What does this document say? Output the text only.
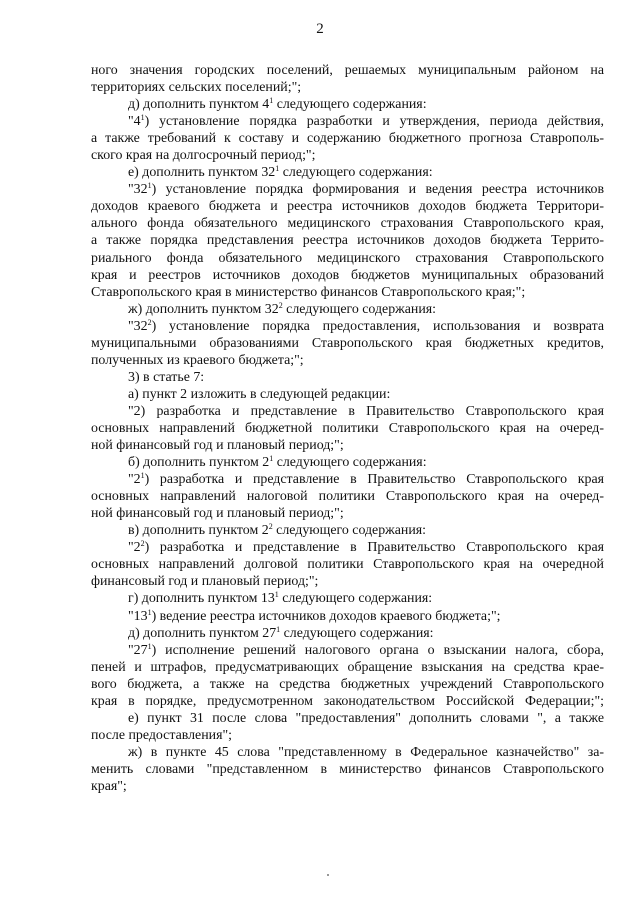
2
ного значения городских поселений, решаемых муниципальным районом на
территориях сельских поселений;";
д) дополнить пунктом $4^1$ следующего содержания:
"$4^1$) установление порядка разработки и утверждения, периода действия,
а также требований к составу и содержанию бюджетного прогноза Ставрополь-
ского края на долгосрочный период;";
е) дополнить пунктом $32^1$ следующего содержания:
"$32^1$) установление порядка формирования и ведения реестра источников
доходов краевого бюджета и реестра источников доходов бюджета Территори-
ального фонда обязательного медицинского страхования Ставропольского края,
а также порядка представления реестра источников доходов бюджета Террито-
риального фонда обязательного медицинского страхования Ставропольского
края и реестров источников доходов бюджетов муниципальных образований
Ставропольского края в министерство финансов Ставропольского края;";
ж) дополнить пунктом $32^2$ следующего содержания:
"$32^2$) установление порядка предоставления, использования и возврата
муниципальными образованиями Ставропольского края бюджетных кредитов,
полученных из краевого бюджета;";
3) в статье 7:
а) пункт 2 изложить в следующей редакции:
"2) разработка и представление в Правительство Ставропольского края
основных направлений бюджетной политики Ставропольского края на очеред-
ной финансовый год и плановый период;";
б) дополнить пунктом $2^1$ следующего содержания:
"$2^1$) разработка и представление в Правительство Ставропольского края
основных направлений налоговой политики Ставропольского края на очеред-
ной финансовый год и плановый период;";
в) дополнить пунктом $2^2$ следующего содержания:
"$2^2$) разработка и представление в Правительство Ставропольского края
основных направлений долговой политики Ставропольского края на очередной
финансовый год и плановый период;";
г) дополнить пунктом $13^1$ следующего содержания:
"$13^1$) ведение реестра источников доходов краевого бюджета;";
д) дополнить пунктом $27^1$ следующего содержания:
"$27^1$) исполнение решений налогового органа о взыскании налога, сбора,
пеней и штрафов, предусматривающих обращение взыскания на средства крае-
вого бюджета, а также на средства бюджетных учреждений Ставропольского
края в порядке, предусмотренном законодательством Российской Федерации;";
е) пункт 31 после слова "предоставления" дополнить словами ", а также
после предоставления";
ж) в пункте 45 слова "представленному в Федеральное казначейство" за-
менить словами "представленном в министерство финансов Ставропольского
края";
